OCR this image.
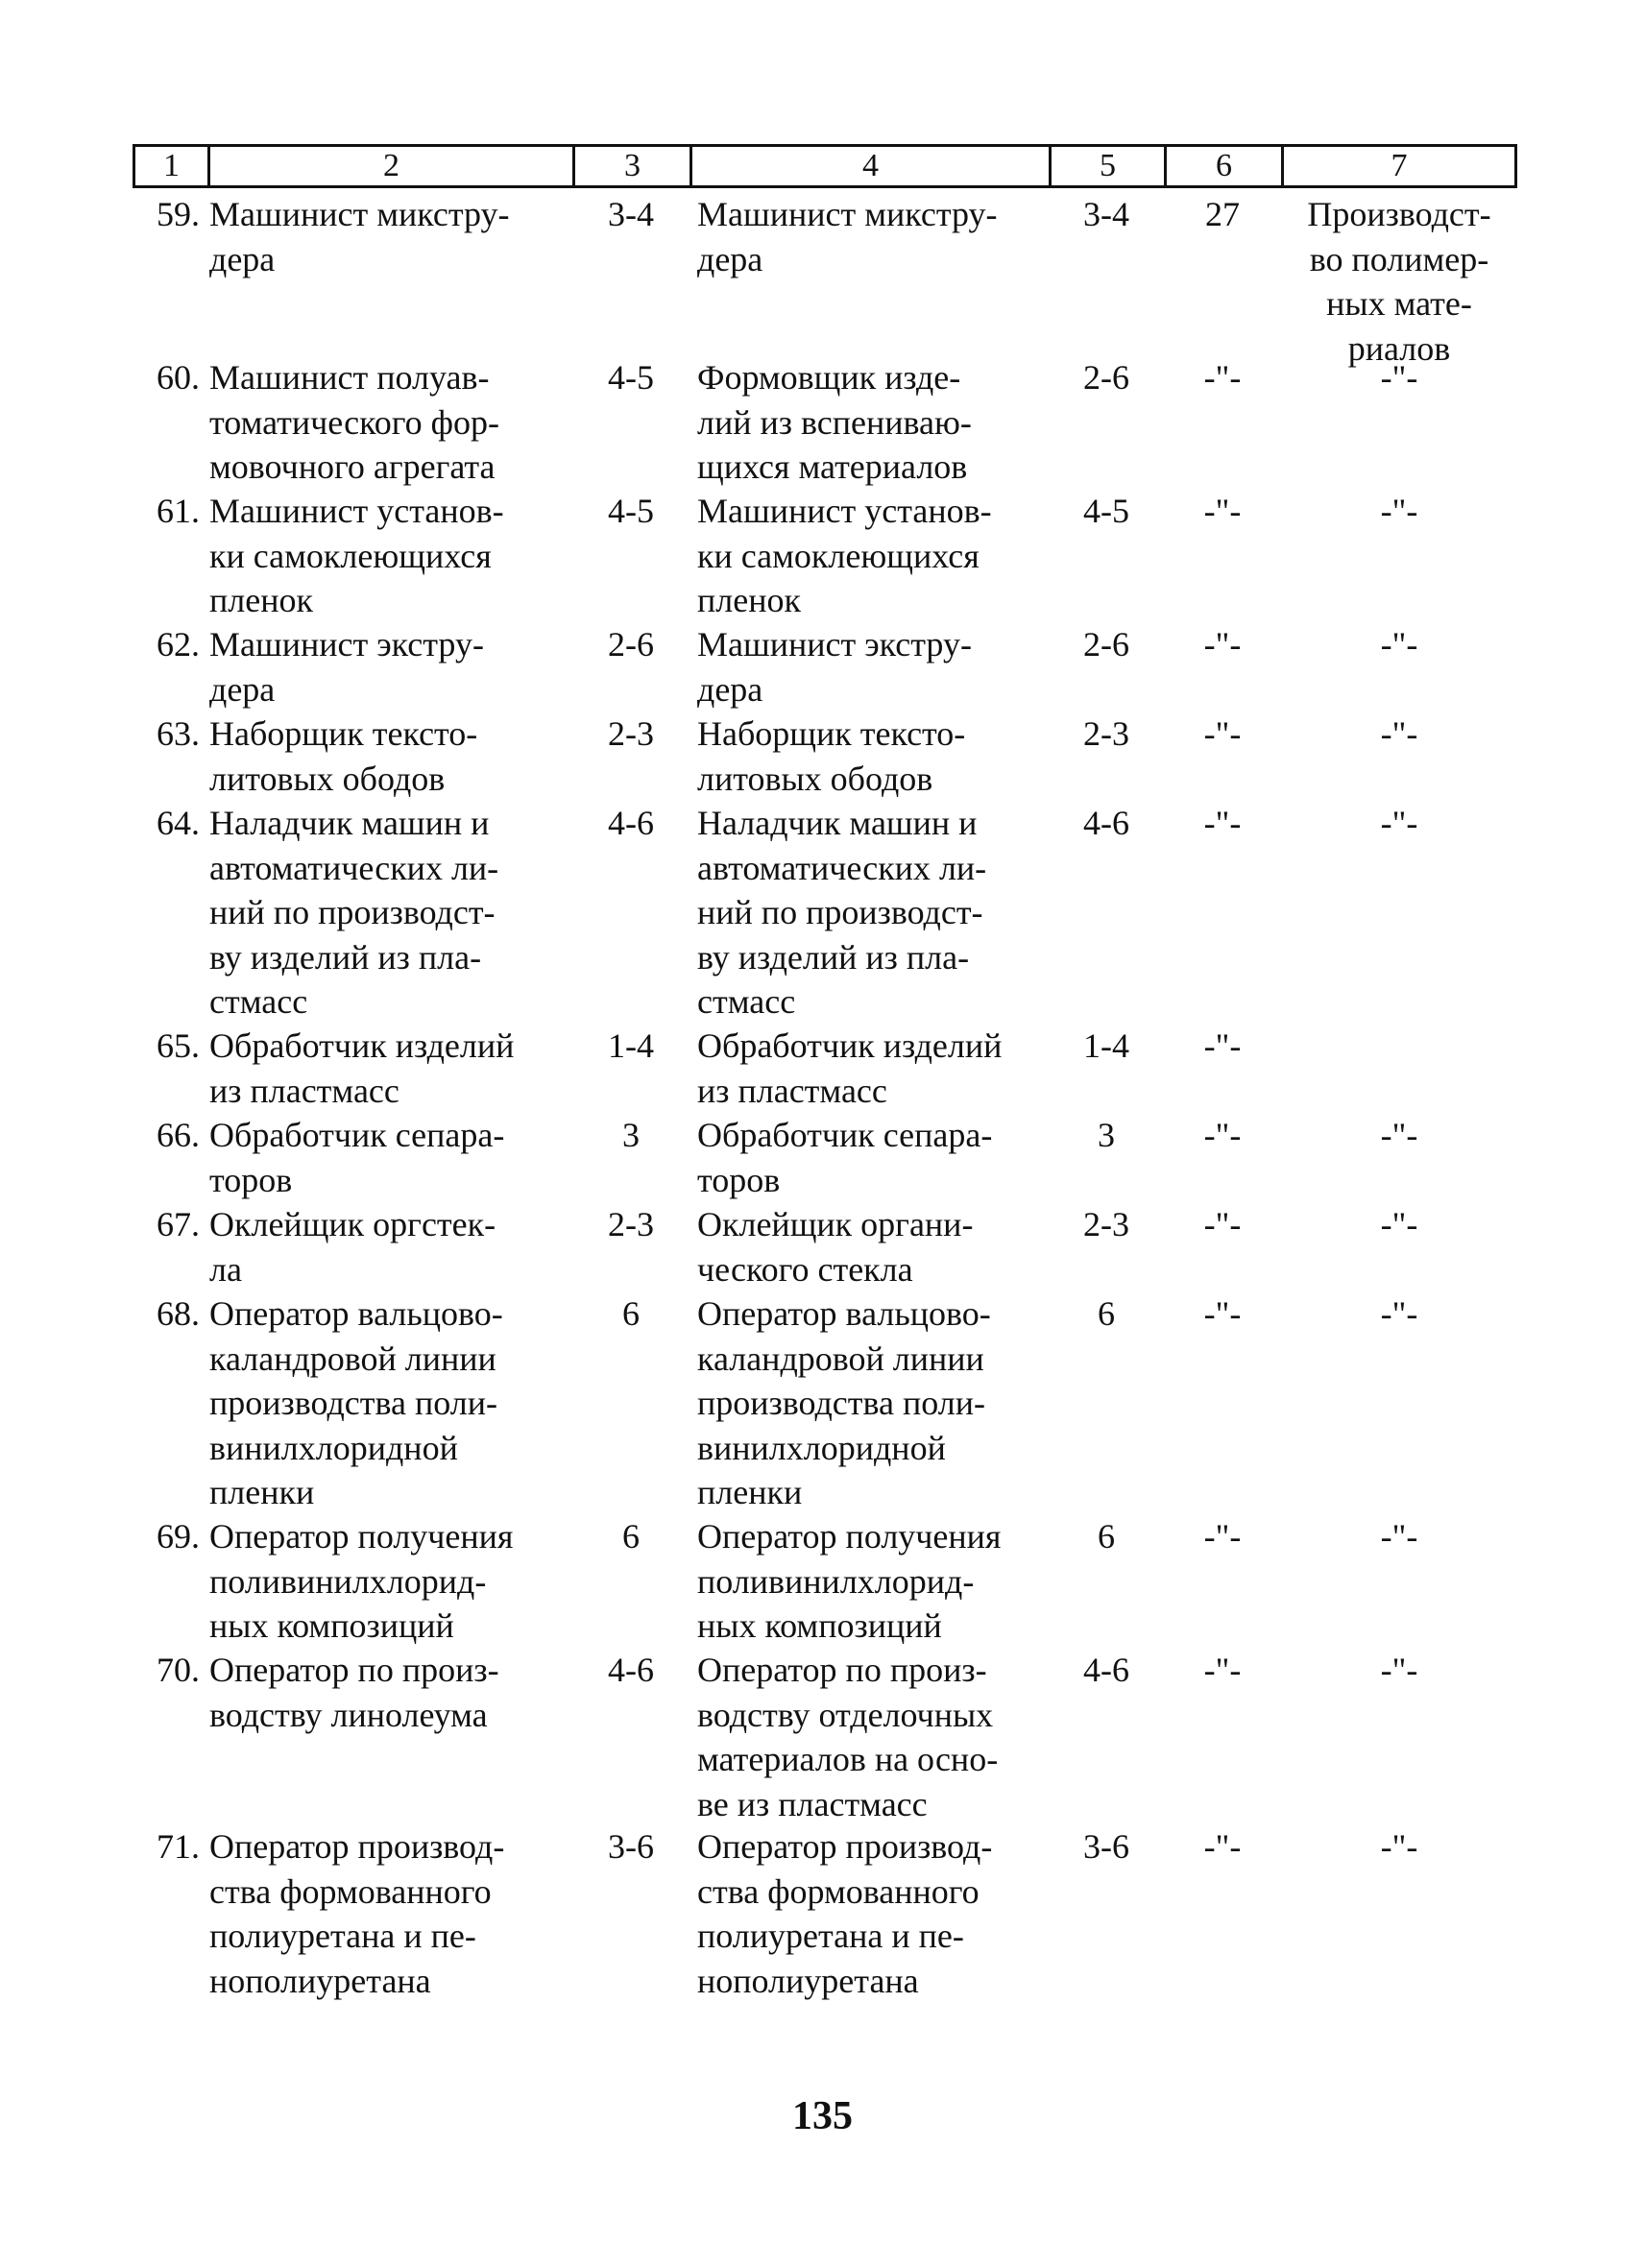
1	2	3	4	5	6	7
59. Машинист микстру-
дера
3-4	Машинист микстру-
дера
3-4	27	Производст-
во полимер-
ных мате-
риалов
60. Машинист полуав-
томатического фор-
мовочного агрегата
4-5	Формовщик изде-
лий из вспениваю-
щихся материалов
2-6	-"-	-"-
61. Машинист установ-
ки самоклеющихся
пленок
4-5	Машинист установ-
ки самоклеющихся
пленок
4-5	-"-	-"-
62. Машинист экстру-
дера
2-6	Машинист экстру-
дера
2-6	-"-	-"-
63. Наборщик тексто-
литовых ободов
2-3	Наборщик тексто-
литовых ободов
2-3	-"-	-"-
64. Наладчик машин и
автоматических ли-
ний по производст-
ву изделий из пла-
стмасс
4-6	Наладчик машин и
автоматических ли-
ний по производст-
ву изделий из пла-
стмасс
4-6	-"-	-"-
65. Обработчик изделий
из пластмасс
1-4	Обработчик изделий
из пластмасс
1-4	-"-
66. Обработчик сепара-
торов
3	Обработчик сепара-
торов
3	-"-	-"-
67. Оклейщик оргстек-
ла
2-3	Оклейщик органи-
ческого стекла
2-3	-"-	-"-
68. Оператор вальцово-
каландровой линии
производства поли-
винилхлоридной
пленки
6	Оператор вальцово-
каландровой линии
производства поли-
винилхлоридной
пленки
6	-"-	-"-
69. Оператор получения
поливинилхлорид-
ных композиций
6	Оператор получения
поливинилхлорид-
ных композиций
6	-"-	-"-
70. Оператор по произ-
водству линолеума
4-6	Оператор по произ-
водству отделочных
материалов на осно-
ве из пластмасс
4-6	-"-	-"-
71. Оператор производ-
ства формованного
полиуретана и пе-
нополиуретана
3-6	Оператор производ-
ства формованного
полиуретана и пе-
нополиуретана
3-6	-"-	-"-
135
